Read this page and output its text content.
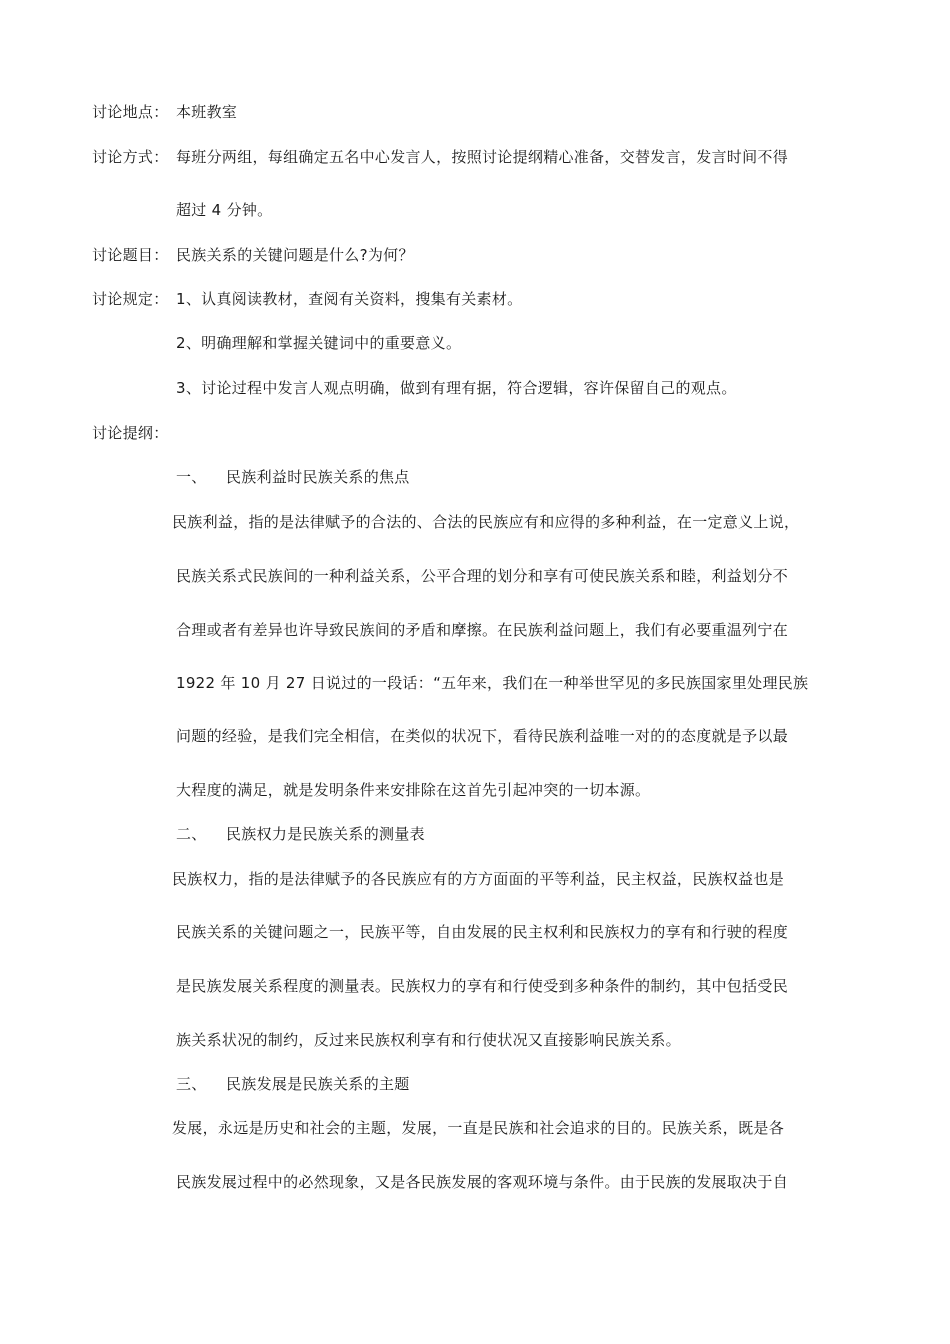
讨论地点： 本班教室
讨论方式： 每班分两组，每组确定五名中心发言人，按照讨论提纲精心准备，交替发言，发言时间不得
超过 4 分钟。
讨论题目： 民族关系的关键问题是什么?为何？
讨论规定： 1、认真阅读教材，查阅有关资料，搜集有关素材。
2、明确理解和掌握关键词中的重要意义。
3、讨论过程中发言人观点明确，做到有理有据，符合逻辑，容许保留自己的观点。
讨论提纲：
一、 民族利益时民族关系的焦点
民族利益，指的是法律赋予的合法的、合法的民族应有和应得的多种利益，在一定意义上说，
民族关系式民族间的一种利益关系，公平合理的划分和享有可使民族关系和睦，利益划分不
合理或者有差异也许导致民族间的矛盾和摩擦。在民族利益问题上，我们有必要重温列宁在
1922 年 10 月 27 日说过的一段话：“五年来，我们在一种举世罕见的多民族国家里处理民族
问题的经验，是我们完全相信，在类似的状况下，看待民族利益唯一对的的态度就是予以最
大程度的满足，就是发明条件来安排除在这首先引起冲突的一切本源。
二、 民族权力是民族关系的测量表
民族权力，指的是法律赋予的各民族应有的方方面面的平等利益，民主权益，民族权益也是
民族关系的关键问题之一，民族平等，自由发展的民主权利和民族权力的享有和行驶的程度
是民族发展关系程度的测量表。民族权力的享有和行使受到多种条件的制约，其中包括受民
族关系状况的制约，反过来民族权利享有和行使状况又直接影响民族关系。
三、 民族发展是民族关系的主题
发展，永远是历史和社会的主题，发展，一直是民族和社会追求的目的。民族关系，既是各
民族发展过程中的必然现象，又是各民族发展的客观环境与条件。由于民族的发展取决于自
